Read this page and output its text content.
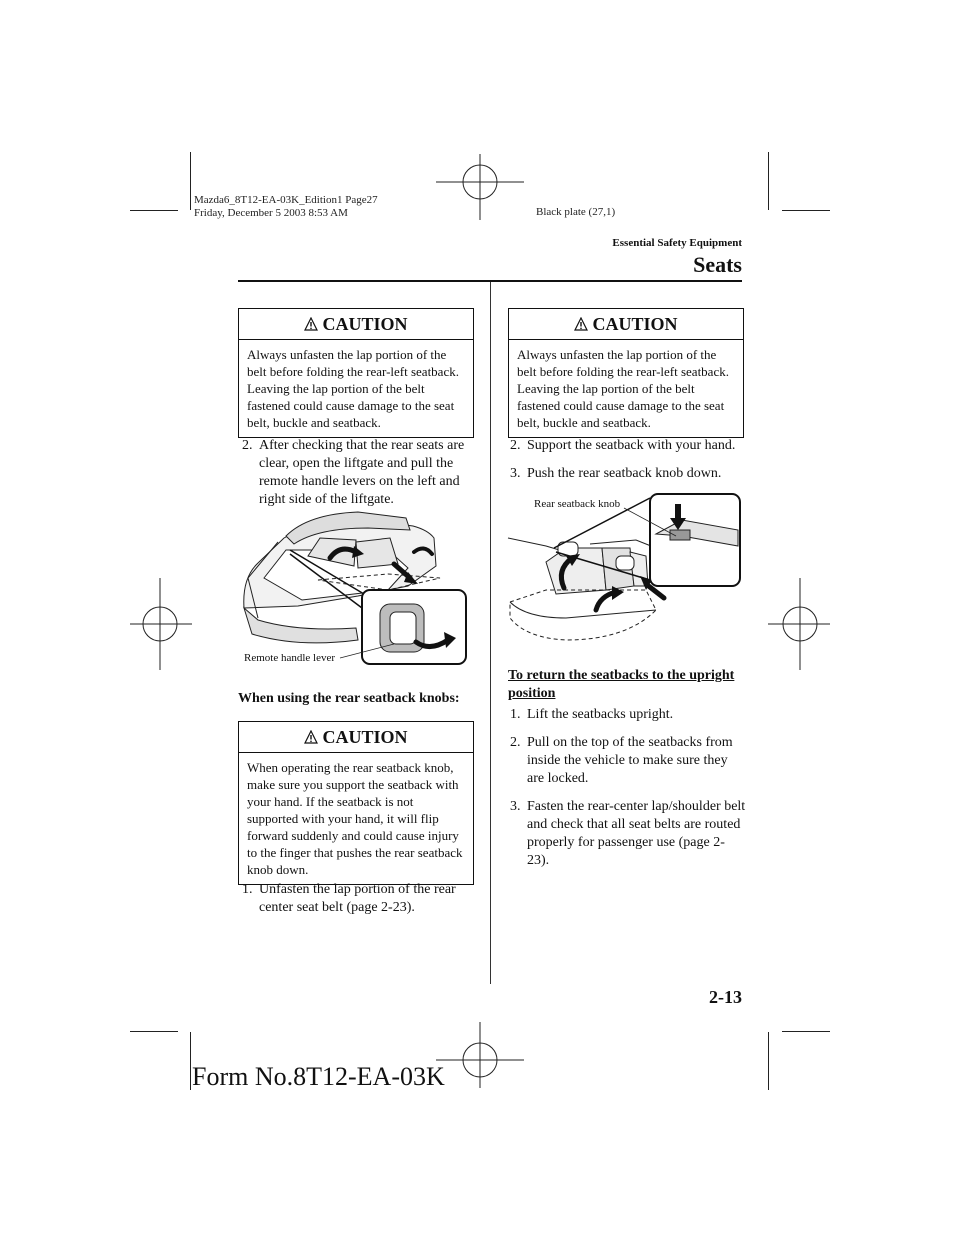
Mazda6_8T12-EA-03K_Edition1 Page27
Friday, December 5 2003 8:53 AM	Black plate (27,1)
Essential Safety Equipment
Seats
CAUTION
Always unfasten the lap portion of the belt before folding the rear-left seatback. Leaving the lap portion of the belt fastened could cause damage to the seat belt, buckle and seatback.
2. After checking that the rear seats are clear, open the liftgate and pull the remote handle levers on the left and right side of the liftgate.
Remote handle lever
When using the rear seatback knobs:
CAUTION
When operating the rear seatback knob, make sure you support the seatback with your hand. If the seatback is not supported with your hand, it will flip forward suddenly and could cause injury to the finger that pushes the rear seatback knob down.
1. Unfasten the lap portion of the rear center seat belt (page 2-23).
CAUTION
Always unfasten the lap portion of the belt before folding the rear-left seatback. Leaving the lap portion of the belt fastened could cause damage to the seat belt, buckle and seatback.
2. Support the seatback with your hand.
3. Push the rear seatback knob down.
Rear seatback knob
To return the seatbacks to the upright position
1. Lift the seatbacks upright.
2. Pull on the top of the seatbacks from inside the vehicle to make sure they are locked.
3. Fasten the rear-center lap/shoulder belt and check that all seat belts are routed properly for passenger use (page 2-23).
2-13
Form No.8T12-EA-03K
